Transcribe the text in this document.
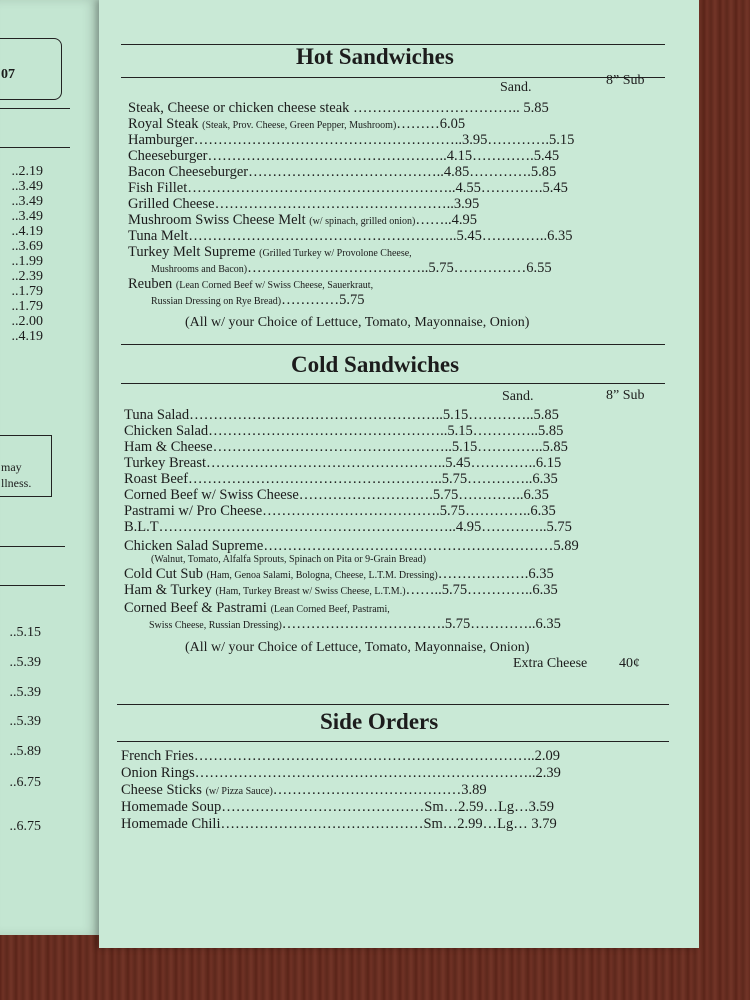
07
..2.19
..3.49
..3.49
..3.49
..4.19
..3.69
..1.99
..2.39
..1.79
..1.79
..2.00
..4.19
may
llness.
..5.15
..5.39
..5.39
..5.39
..5.89
..6.75
..6.75
Hot Sandwiches
Sand.	8” Sub
Steak, Cheese or chicken cheese steak …………………………….. 5.85
Royal Steak (Steak, Prov. Cheese, Green Pepper, Mushroom)………6.05
Hamburger………………………………………………..3.95………….5.15
Cheeseburger…………………………………………..4.15………….5.45
Bacon Cheeseburger…………………………………..4.85………….5.85
Fish Fillet………………………………………………..4.55………….5.45
Grilled Cheese…………………………………………..3.95
Mushroom Swiss Cheese Melt (w/ spinach, grilled onion)……..4.95
Tuna Melt………………………………………………..5.45…………..6.35
Turkey Melt Supreme (Grilled Turkey w/ Provolone Cheese,
Mushrooms and Bacon)………………………………..5.75……………6.55
Reuben (Lean Corned Beef w/ Swiss Cheese, Sauerkraut,
Russian Dressing on Rye Bread)…………5.75
(All w/ your Choice of Lettuce, Tomato, Mayonnaise, Onion)
Cold Sandwiches
Sand.	8” Sub
Tuna Salad……………………………………………..5.15…………..5.85
Chicken Salad…………………………………………..5.15…………..5.85
Ham & Cheese…………………………………………..5.15…………..5.85
Turkey Breast…………………………………………..5.45…………..6.15
Roast Beef……………………………………………..5.75…………..6.35
Corned Beef w/ Swiss Cheese……………………….5.75…………..6.35
Pastrami w/ Pro Cheese……………………………….5.75…………..6.35
B.L.T……………………………………………………..4.95…………..5.75
Chicken Salad Supreme……………………………………………………5.89
(Walnut, Tomato, Alfalfa Sprouts, Spinach on Pita or 9-Grain Bread)
Cold Cut Sub (Ham, Genoa Salami, Bologna, Cheese, L.T.M. Dressing)……………….6.35
Ham & Turkey (Ham, Turkey Breast w/ Swiss Cheese, L.T.M.)……..5.75…………..6.35
Corned Beef & Pastrami (Lean Corned Beef, Pastrami,
Swiss Cheese, Russian Dressing)…………………………….5.75…………..6.35
(All w/ your Choice of Lettuce, Tomato, Mayonnaise, Onion)
Extra Cheese 40¢
Side Orders
French Fries……………………………………………………………..2.09
Onion Rings……………………………………………………………..2.39
Cheese Sticks (w/ Pizza Sauce)…………………………………3.89
Homemade Soup……………………………………Sm…2.59…Lg…3.59
Homemade Chili……………………………………Sm…2.99…Lg… 3.79
